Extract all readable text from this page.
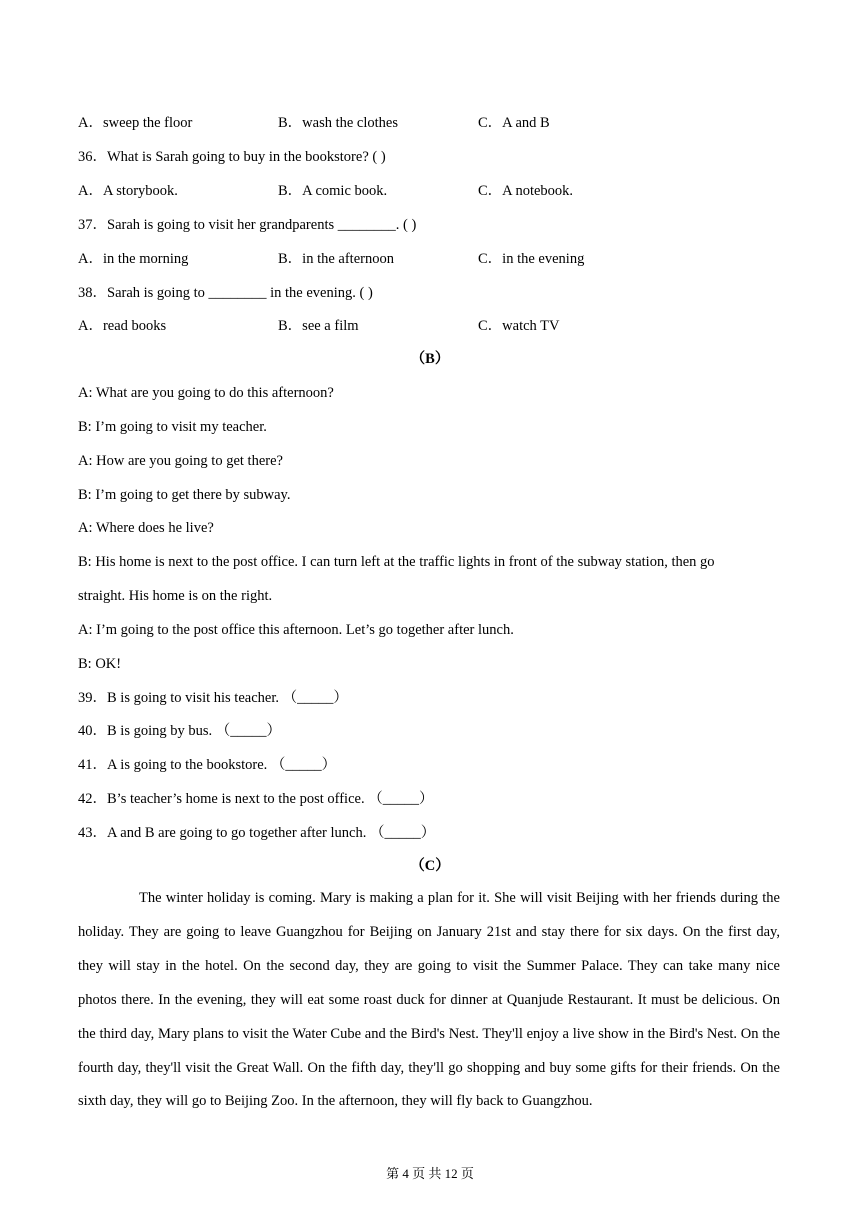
A．sweep the floor	B．wash the clothes	C．A and B
36．What is Sarah going to buy in the bookstore? ( )
A．A storybook.	B．A comic book.	C．A notebook.
37．Sarah is going to visit her grandparents ________. ( )
A．in the morning	B．in the afternoon	C．in the evening
38．Sarah is going to ________ in the evening. ( )
A．read books	B．see a film	C．watch TV
（B）
A: What are you going to do this afternoon?
B: I’m going to visit my teacher.
A: How are you going to get there?
B: I’m going to get there by subway.
A: Where does he live?
B: His home is next to the post office. I can turn left at the traffic lights in front of the subway station, then go
straight. His home is on the right.
A: I’m going to the post office this afternoon. Let’s go together after lunch.
B: OK!
39．B is going to visit his teacher. （_____）
40．B is going by bus. （_____）
41．A is going to the bookstore. （_____）
42．B’s teacher’s home is next to the post office. （_____）
43．A and B are going to go together after lunch. （_____）
（C）
The winter holiday is coming. Mary is making a plan for it. She will visit Beijing with her friends during the holiday. They are going to leave Guangzhou for Beijing on January 21st and stay there for six days. On the first day, they will stay in the hotel. On the second day, they are going to visit the Summer Palace. They can take many nice photos there. In the evening, they will eat some roast duck for dinner at Quanjude Restaurant. It must be delicious. On the third day, Mary plans to visit the Water Cube and the Bird's Nest. They'll enjoy a live show in the Bird's Nest. On the fourth day, they'll visit the Great Wall. On the fifth day, they'll go shopping and buy some gifts for their friends. On the sixth day, they will go to Beijing Zoo. In the afternoon, they will fly back to Guangzhou.
第 4 页 共 12 页
